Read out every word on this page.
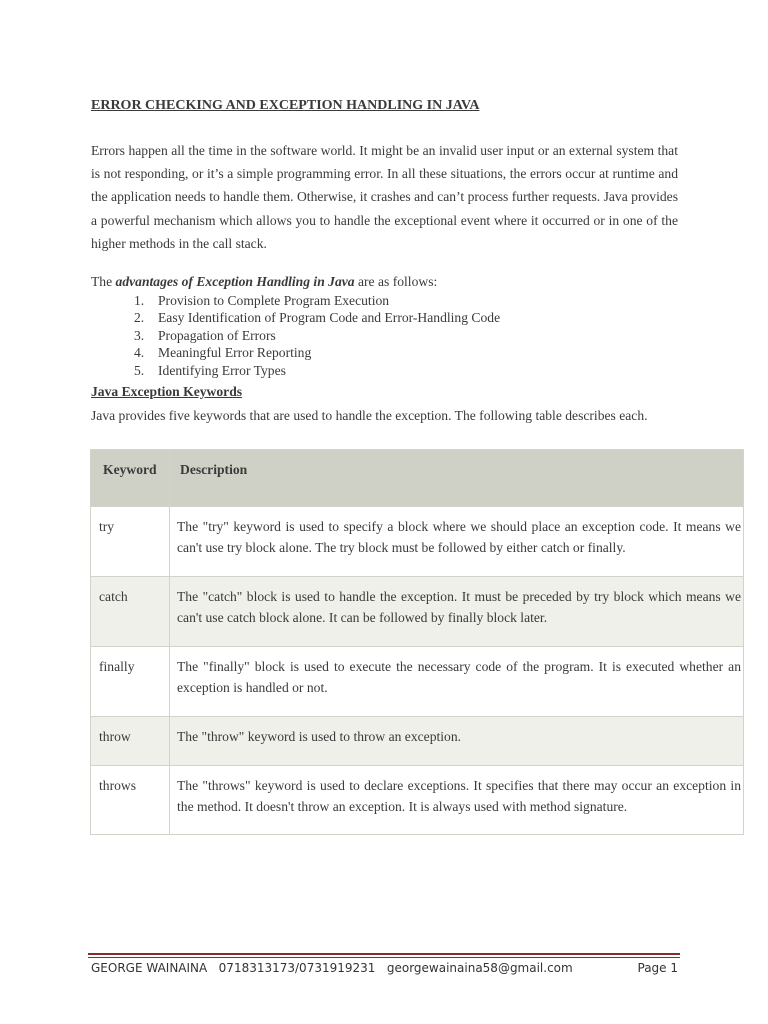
ERROR CHECKING AND EXCEPTION HANDLING IN JAVA

Errors happen all the time in the software world. It might be an invalid user input or an external system that is not responding, or it’s a simple programming error. In all these situations, the errors occur at runtime and the application needs to handle them. Otherwise, it crashes and can’t process further requests. Java provides a powerful mechanism which allows you to handle the exceptional event where it occurred or in one of the higher methods in the call stack.

The advantages of Exception Handling in Java are as follows:

1. Provision to Complete Program Execution
2. Easy Identification of Program Code and Error-Handling Code
3. Propagation of Errors
4. Meaningful Error Reporting
5. Identifying Error Types
Java Exception Keywords

Java provides five keywords that are used to handle the exception. The following table describes each.

Keyword	Description
try	The "try" keyword is used to specify a block where we should place an exception code. It means we can't use try block alone. The try block must be followed by either catch or finally.
catch	The "catch" block is used to handle the exception. It must be preceded by try block which means we can't use catch block alone. It can be followed by finally block later.
finally	The "finally" block is used to execute the necessary code of the program. It is executed whether an exception is handled or not.
throw	The "throw" keyword is used to throw an exception.
throws	The "throws" keyword is used to declare exceptions. It specifies that there may occur an exception in the method. It doesn't throw an exception. It is always used with method signature.
GEORGE WAINAINA   0718313173/0731919231   georgewainaina58@gmail.com	Page 1
